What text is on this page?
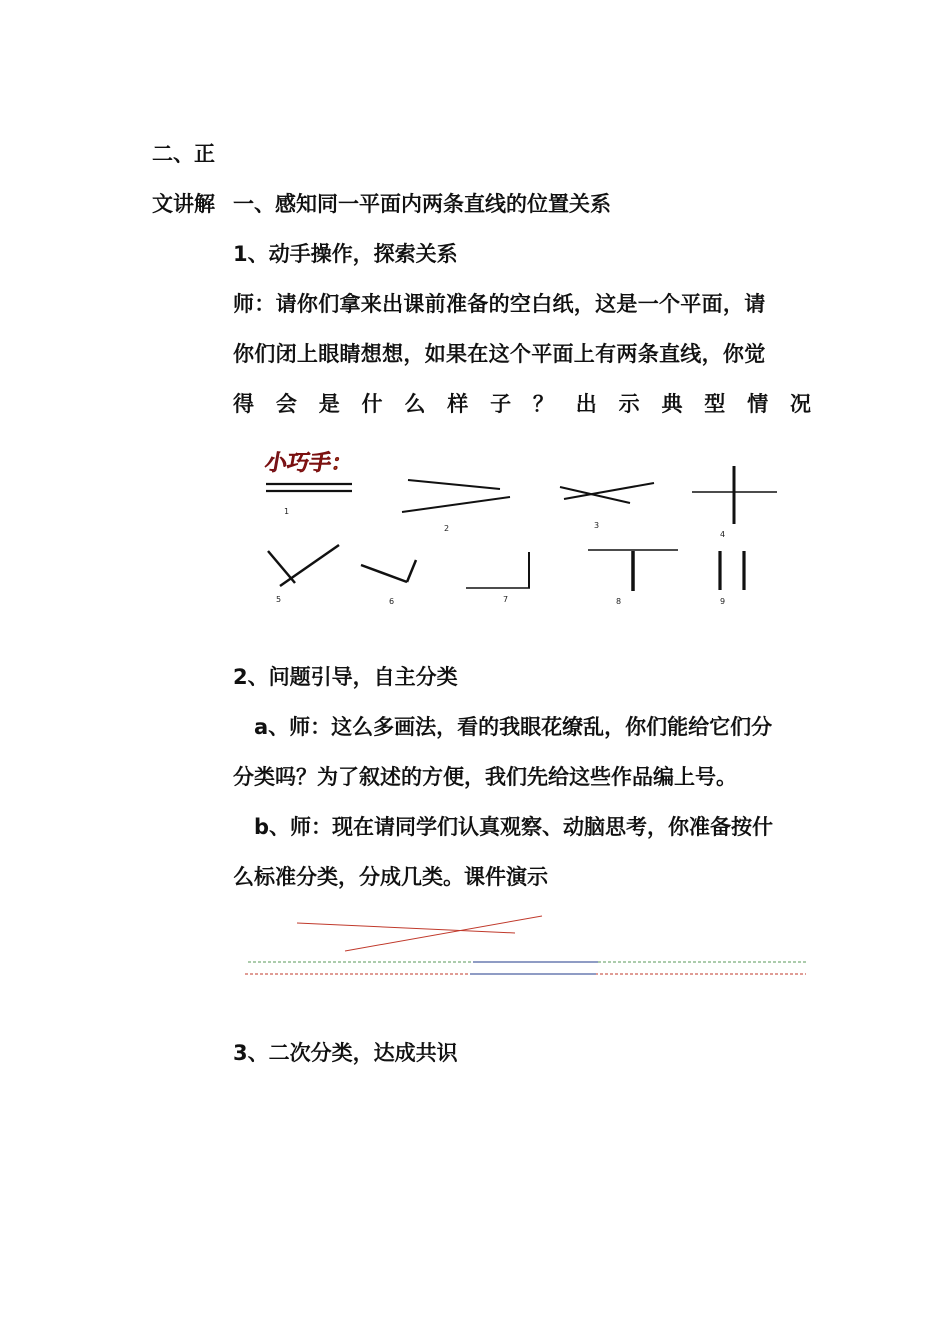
二、正
文讲解 一、感知同一平面内两条直线的位置关系
1、动手操作，探索关系
师：请你们拿来出课前准备的空白纸，这是一个平面，请
你们闭上眼睛想想，如果在这个平面上有两条直线，你觉
得 会 是 什 么 样 子 ？ 出 示 典 型 情 况
小巧手：
1
2	3
4
5	6	7	8	9
2、问题引导，自主分类
a、师：这么多画法，看的我眼花缭乱，你们能给它们分
分类吗？为了叙述的方便，我们先给这些作品编上号。
b、师：现在请同学们认真观察、动脑思考，你准备按什
么标准分类，分成几类。课件演示
3、二次分类，达成共识
